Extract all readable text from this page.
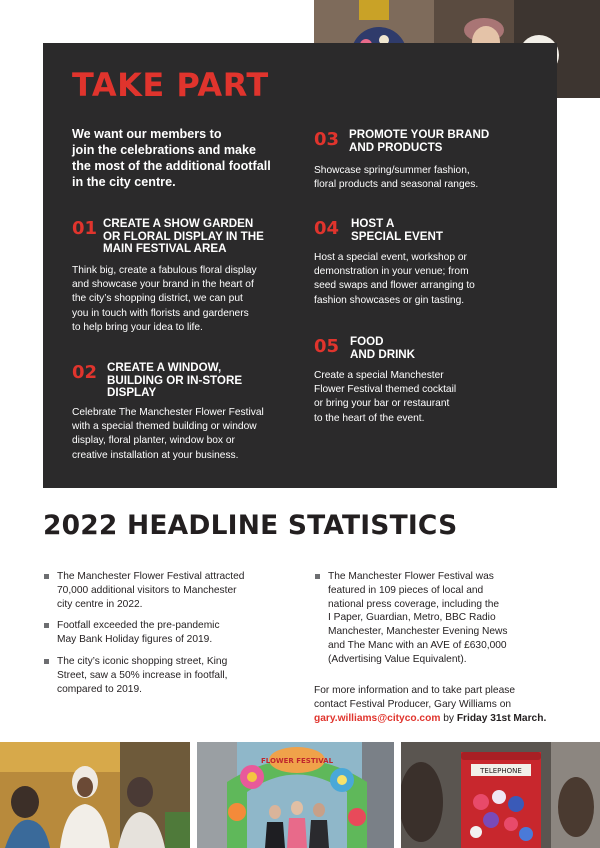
TAKE PART
We want our members to
join the celebrations and make
the most of the additional footfall
in the city centre.
01 CREATE A SHOW GARDEN
OR FLORAL DISPLAY IN THE
MAIN FESTIVAL AREA
Think big, create a fabulous floral display
and showcase your brand in the heart of
the city’s shopping district, we can put
you in touch with florists and gardeners
to help bring your idea to life.
02 CREATE A WINDOW,
BUILDING OR IN-STORE
DISPLAY
Celebrate The Manchester Flower Festival
with a special themed building or window
display, floral planter, window box or
creative installation at your business.
03 PROMOTE YOUR BRAND
AND PRODUCTS
Showcase spring/summer fashion,
floral products and seasonal ranges.
04 HOST A
SPECIAL EVENT
Host a special event, workshop or
demonstration in your venue; from
seed swaps and flower arranging to
fashion showcases or gin tasting.
05 FOOD
AND DRINK
Create a special Manchester
Flower Festival themed cocktail
or bring your bar or restaurant
to the heart of the event.
2022 HEADLINE STATISTICS
The Manchester Flower Festival attracted
70,000 additional visitors to Manchester
city centre in 2022.
Footfall exceeded the pre-pandemic
May Bank Holiday figures of 2019.
The city’s iconic shopping street, King
Street, saw a 50% increase in footfall,
compared to 2019.
The Manchester Flower Festival was
featured in 109 pieces of local and
national press coverage, including the
I Paper, Guardian, Metro, BBC Radio
Manchester, Manchester Evening News
and The Manc with an AVE of £630,000
(Advertising Value Equivalent).
For more information and to take part please
contact Festival Producer, Gary Williams on
gary.williams@cityco.com by Friday 31st March.
FLOWER FESTIVAL
TELEPHONE
